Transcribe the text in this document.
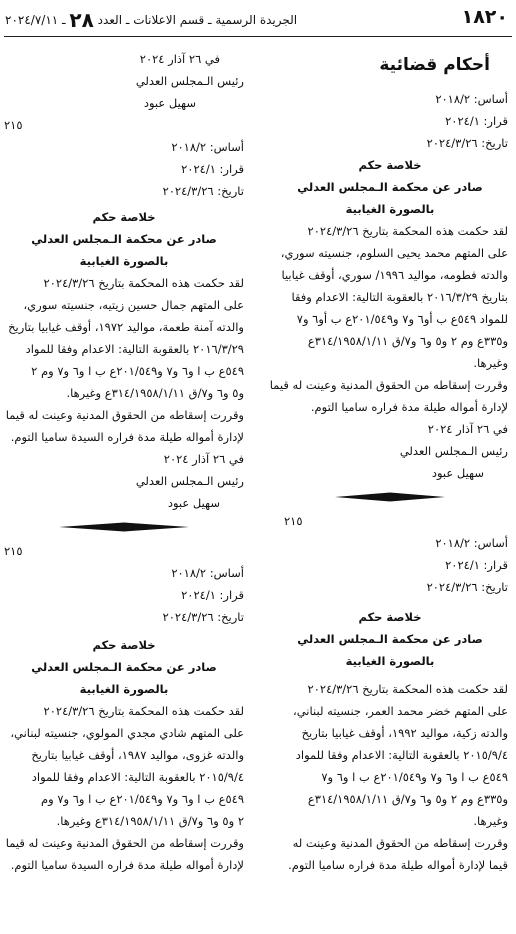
١٨٢٠
الجريدة الرسمية ـ قسم الاعلانات ـ العدد ٢٨ ـ ٢٠٢٤/٧/١١
أحكام قضائية
أساس: ٢٠١٨/٢
قرار: ٢٠٢٤/١
تاريخ: ٢٠٢٤/٣/٢٦
خلاصة حكم
صادر عن محكمة الـمجلس العدلي
بالصورة الغيابية
لقد حكمت هذه المحكمة بتاريخ ٢٠٢٤/٣/٢٦
على المتهم محمد يحيى السلوم، جنسيته سوري،
والدته فطومه، مواليد ١٩٩٦/ سوري، أوقف غيابيا
بتاريخ ٢٠١٦/٣/٢٩ بالعقوبة التالية: الاعدام وفقا
للمواد ٥٤٩ع ب أو٦ و٧ و٢٠١/٥٤٩ع ب أو٦ و٧
و٣٣٥ع وم ٢ و٥ و٦ و٧/ق ٣١٤/١٩٥٨/١/١١ع
وغيرها.
وقررت إسقاطه من الحقوق المدنية وعينت له قيما
لإدارة أمواله طيلة مدة فراره ساميا التوم.
في ٢٦ آذار ٢٠٢٤
رئيس الـمجلس العدلي
سهيل عبود
٢١٥
أساس: ٢٠١٨/٢
قرار: ٢٠٢٤/١
تاريخ: ٢٠٢٤/٣/٢٦
خلاصة حكم
صادر عن محكمة الـمجلس العدلي
بالصورة الغيابية
لقد حكمت هذه المحكمة بتاريخ ٢٠٢٤/٣/٢٦
على المتهم خضر محمد العمر، جنسيته لبناني،
والدته زكية، مواليد ١٩٩٢، أوقف غيابيا بتاريخ
٢٠١٥/٩/٤ بالعقوبة التالية: الاعدام وفقا للمواد
٥٤٩ع ب ا و٦ و٧ و٢٠١/٥٤٩ع ب ا و٦ و٧
و٣٣٥ع وم ٢ و٥ و٦ و٧/ق ٣١٤/١٩٥٨/١/١١ع
وغيرها.
وقررت إسقاطه من الحقوق المدنية وعينت له
قيما لإدارة أمواله طيلة مدة فراره ساميا التوم.
في ٢٦ آذار ٢٠٢٤
رئيس الـمجلس العدلي
سهيل عبود
٢١٥
أساس: ٢٠١٨/٢
قرار: ٢٠٢٤/١
تاريخ: ٢٠٢٤/٣/٢٦
خلاصة حكم
صادر عن محكمة الـمجلس العدلي
بالصورة الغيابية
لقد حكمت هذه المحكمة بتاريخ ٢٠٢٤/٣/٢٦
على المتهم جمال حسين زيتيه، جنسيته سوري،
والدته آمنة طعمة، مواليد ١٩٧٢، أوقف غيابيا بتاريخ
٢٠١٦/٣/٢٩ بالعقوبة التالية: الاعدام وفقا للمواد
٥٤٩ع ب ا و٦ و٧ و٢٠١/٥٤٩ع ب ا و٦ و٧ وم ٢
و٥ و٦ و٧/ق ٣١٤/١٩٥٨/١/١١ع وغيرها.
وقررت إسقاطه من الحقوق المدنية وعينت له قيما
لإدارة أمواله طيلة مدة فراره السيدة ساميا التوم.
في ٢٦ آذار ٢٠٢٤
رئيس الـمجلس العدلي
سهيل عبود
٢١٥
أساس: ٢٠١٨/٢
قرار: ٢٠٢٤/١
تاريخ: ٢٠٢٤/٣/٢٦
خلاصة حكم
صادر عن محكمة الـمجلس العدلي
بالصورة الغيابية
لقد حكمت هذه المحكمة بتاريخ ٢٠٢٤/٣/٢٦
على المتهم شادي مجدي المولوي، جنسيته لبناني،
والدته غزوى، مواليد ١٩٨٧، أوقف غيابيا بتاريخ
٢٠١٥/٩/٤ بالعقوبة التالية: الاعدام وفقا للمواد
٥٤٩ع ب ا و٦ و٧ و٢٠١/٥٤٩ع ب ا و٦ و٧ وم
٢ و٥ و٦ و٧/ق ٣١٤/١٩٥٨/١/١١ع وغيرها.
وقررت إسقاطه من الحقوق المدنية وعينت له قيما
لإدارة أمواله طيلة مدة فراره السيدة ساميا التوم.
